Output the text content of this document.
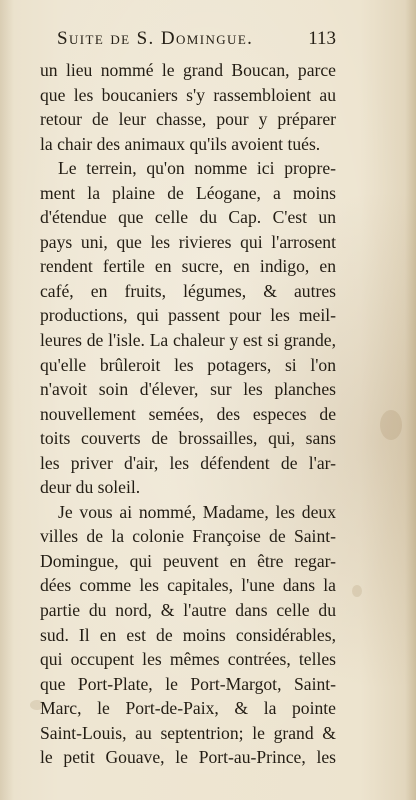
Suite de S. Domingue.	113
un lieu nommé le grand Boucan, parce
que les boucaniers s'y rassembloient au
retour de leur chasse, pour y préparer
la chair des animaux qu'ils avoient tués.
Le terrein, qu'on nomme ici propre-
ment la plaine de Léogane, a moins
d'étendue que celle du Cap. C'est un
pays uni, que les rivieres qui l'arrosent
rendent fertile en sucre, en indigo, en
café, en fruits, légumes, & autres
productions, qui passent pour les meil-
leures de l'isle. La chaleur y est si grande,
qu'elle brûleroit les potagers, si l'on
n'avoit soin d'élever, sur les planches
nouvellement semées, des especes de
toits couverts de brossailles, qui, sans
les priver d'air, les défendent de l'ar-
deur du soleil.
Je vous ai nommé, Madame, les deux
villes de la colonie Françoise de Saint-
Domingue, qui peuvent en être regar-
dées comme les capitales, l'une dans la
partie du nord, & l'autre dans celle du
sud. Il en est de moins considérables,
qui occupent les mêmes contrées, telles
que Port-Plate, le Port-Margot, Saint-
Marc, le Port-de-Paix, & la pointe
Saint-Louis, au septentrion; le grand &
le petit Gouave, le Port-au-Prince, les
